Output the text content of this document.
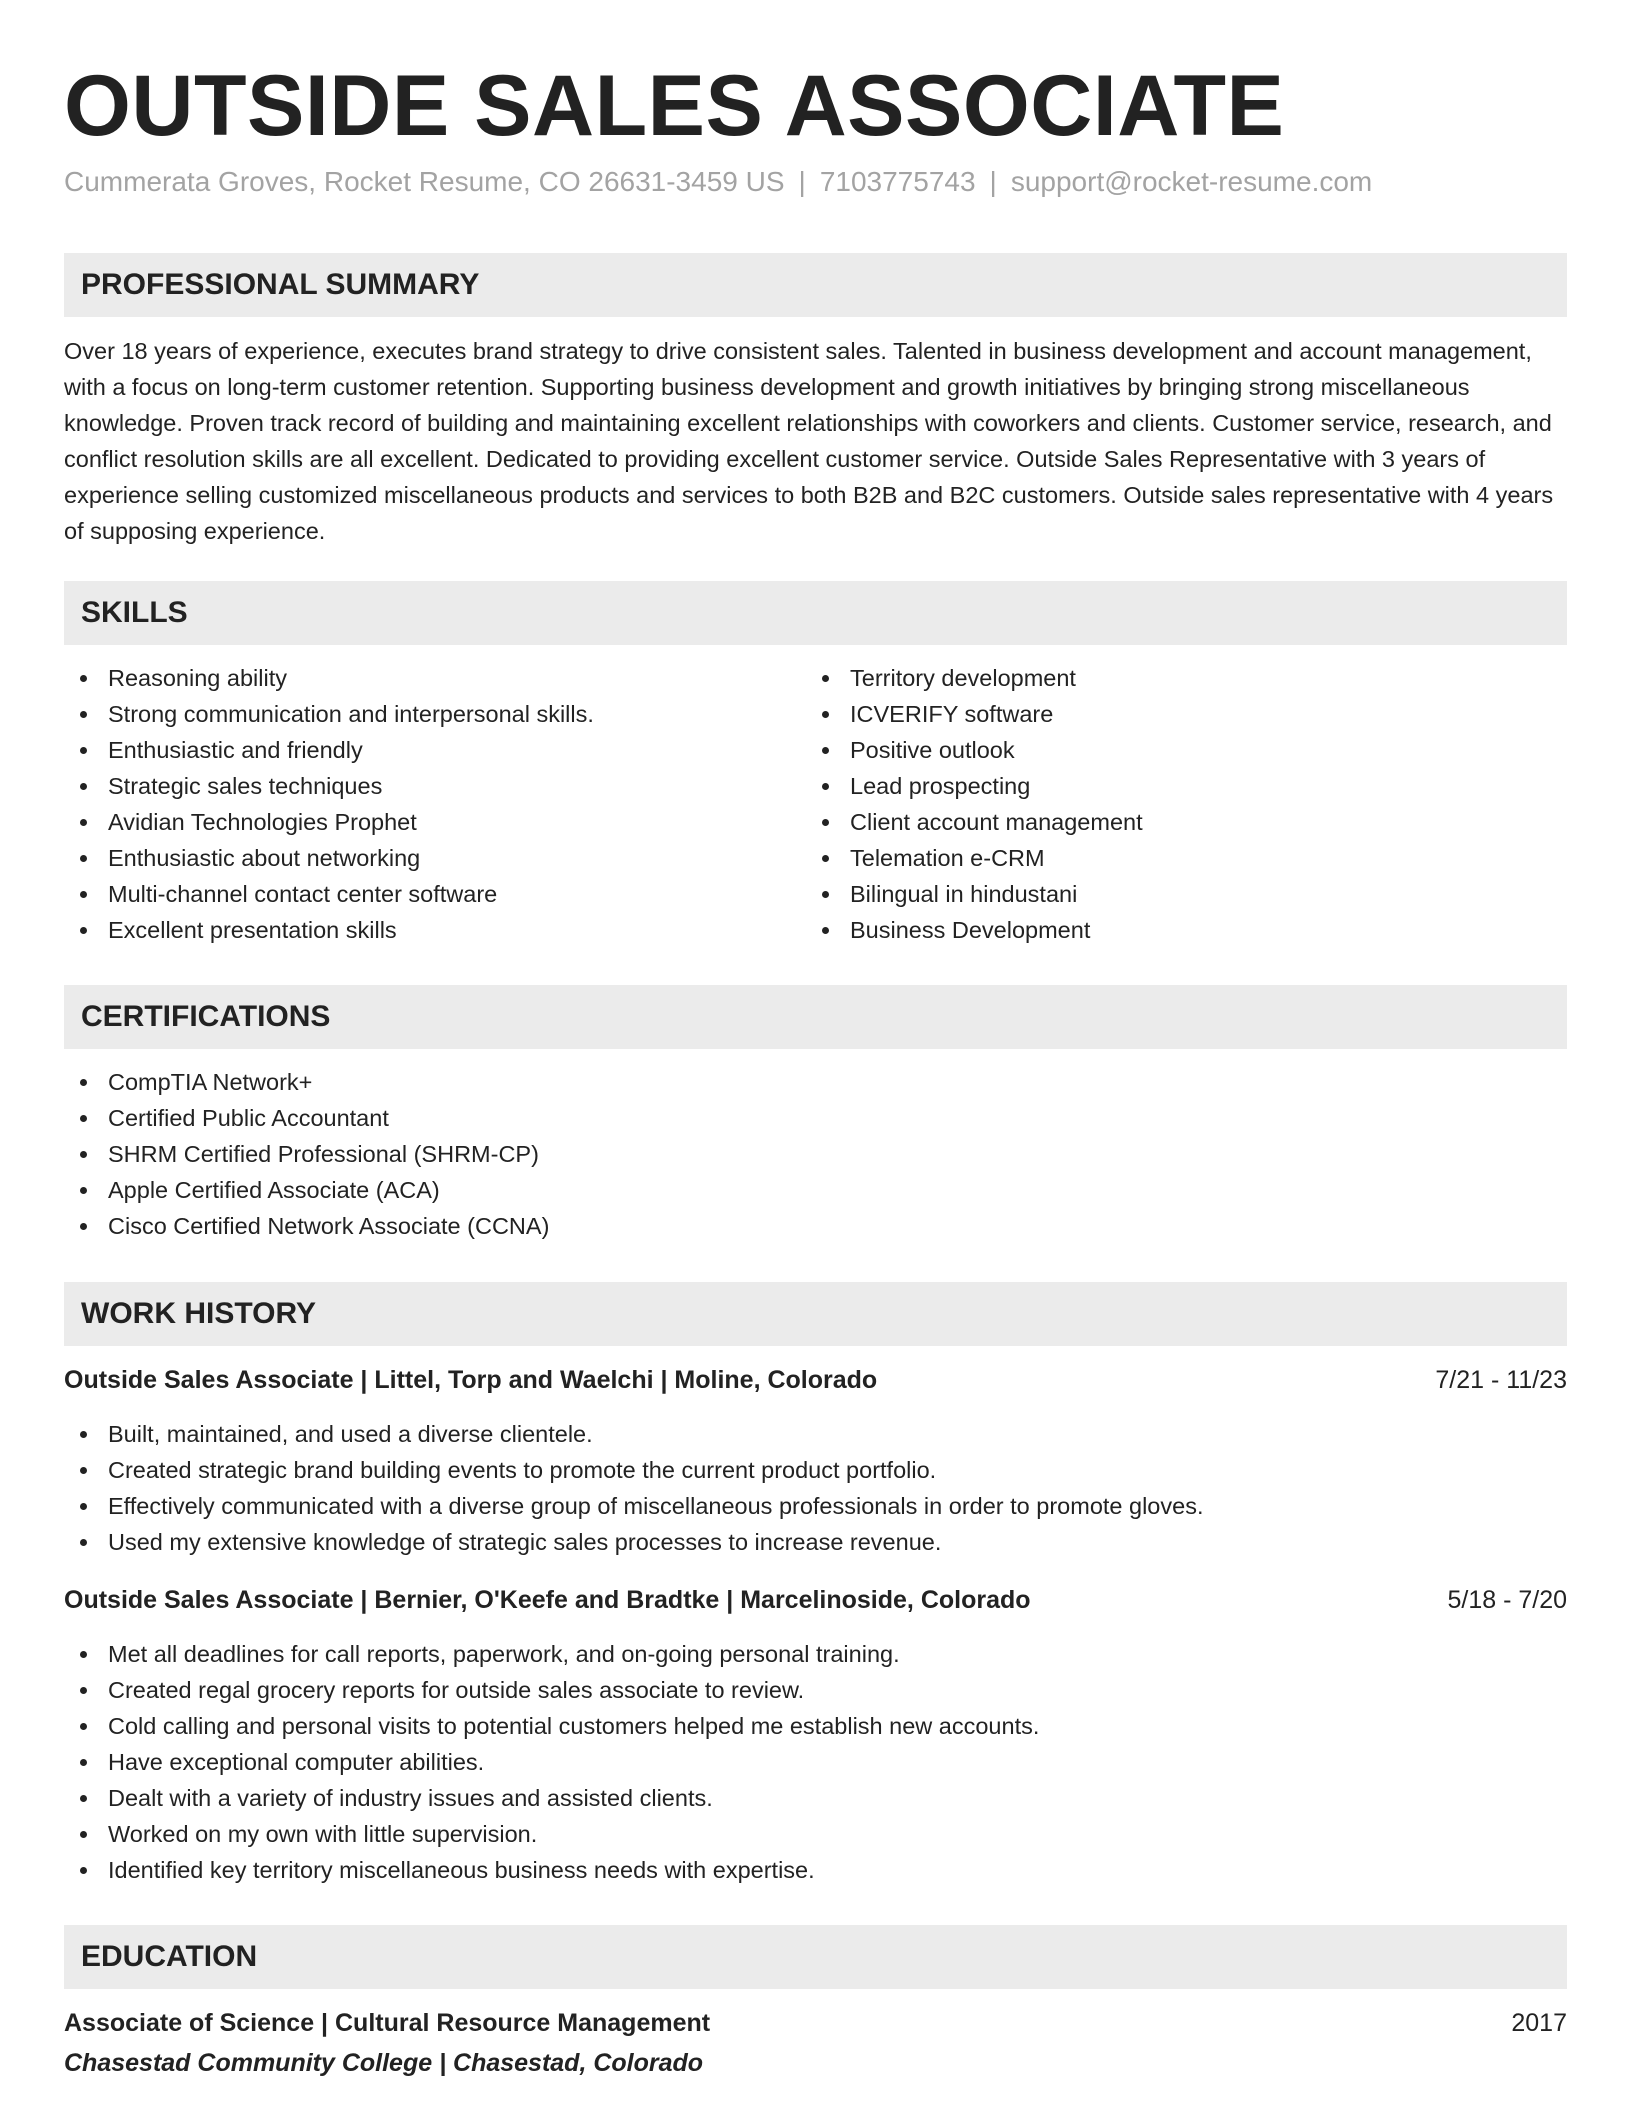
OUTSIDE SALES ASSOCIATE
Cummerata Groves, Rocket Resume, CO 26631-3459 US | 7103775743 | support@rocket-resume.com
PROFESSIONAL SUMMARY
Over 18 years of experience, executes brand strategy to drive consistent sales. Talented in business development and account management, with a focus on long-term customer retention. Supporting business development and growth initiatives by bringing strong miscellaneous knowledge. Proven track record of building and maintaining excellent relationships with coworkers and clients. Customer service, research, and conflict resolution skills are all excellent. Dedicated to providing excellent customer service. Outside Sales Representative with 3 years of experience selling customized miscellaneous products and services to both B2B and B2C customers. Outside sales representative with 4 years of supposing experience.
SKILLS
Reasoning ability
Strong communication and interpersonal skills.
Enthusiastic and friendly
Strategic sales techniques
Avidian Technologies Prophet
Enthusiastic about networking
Multi-channel contact center software
Excellent presentation skills
Territory development
ICVERIFY software
Positive outlook
Lead prospecting
Client account management
Telemation e-CRM
Bilingual in hindustani
Business Development
CERTIFICATIONS
CompTIA Network+
Certified Public Accountant
SHRM Certified Professional (SHRM-CP)
Apple Certified Associate (ACA)
Cisco Certified Network Associate (CCNA)
WORK HISTORY
Outside Sales Associate | Littel, Torp and Waelchi | Moline, Colorado	7/21 - 11/23
Built, maintained, and used a diverse clientele.
Created strategic brand building events to promote the current product portfolio.
Effectively communicated with a diverse group of miscellaneous professionals in order to promote gloves.
Used my extensive knowledge of strategic sales processes to increase revenue.
Outside Sales Associate | Bernier, O'Keefe and Bradtke | Marcelinoside, Colorado	5/18 - 7/20
Met all deadlines for call reports, paperwork, and on-going personal training.
Created regal grocery reports for outside sales associate to review.
Cold calling and personal visits to potential customers helped me establish new accounts.
Have exceptional computer abilities.
Dealt with a variety of industry issues and assisted clients.
Worked on my own with little supervision.
Identified key territory miscellaneous business needs with expertise.
EDUCATION
Associate of Science | Cultural Resource Management	2017
Chasestad Community College | Chasestad, Colorado
